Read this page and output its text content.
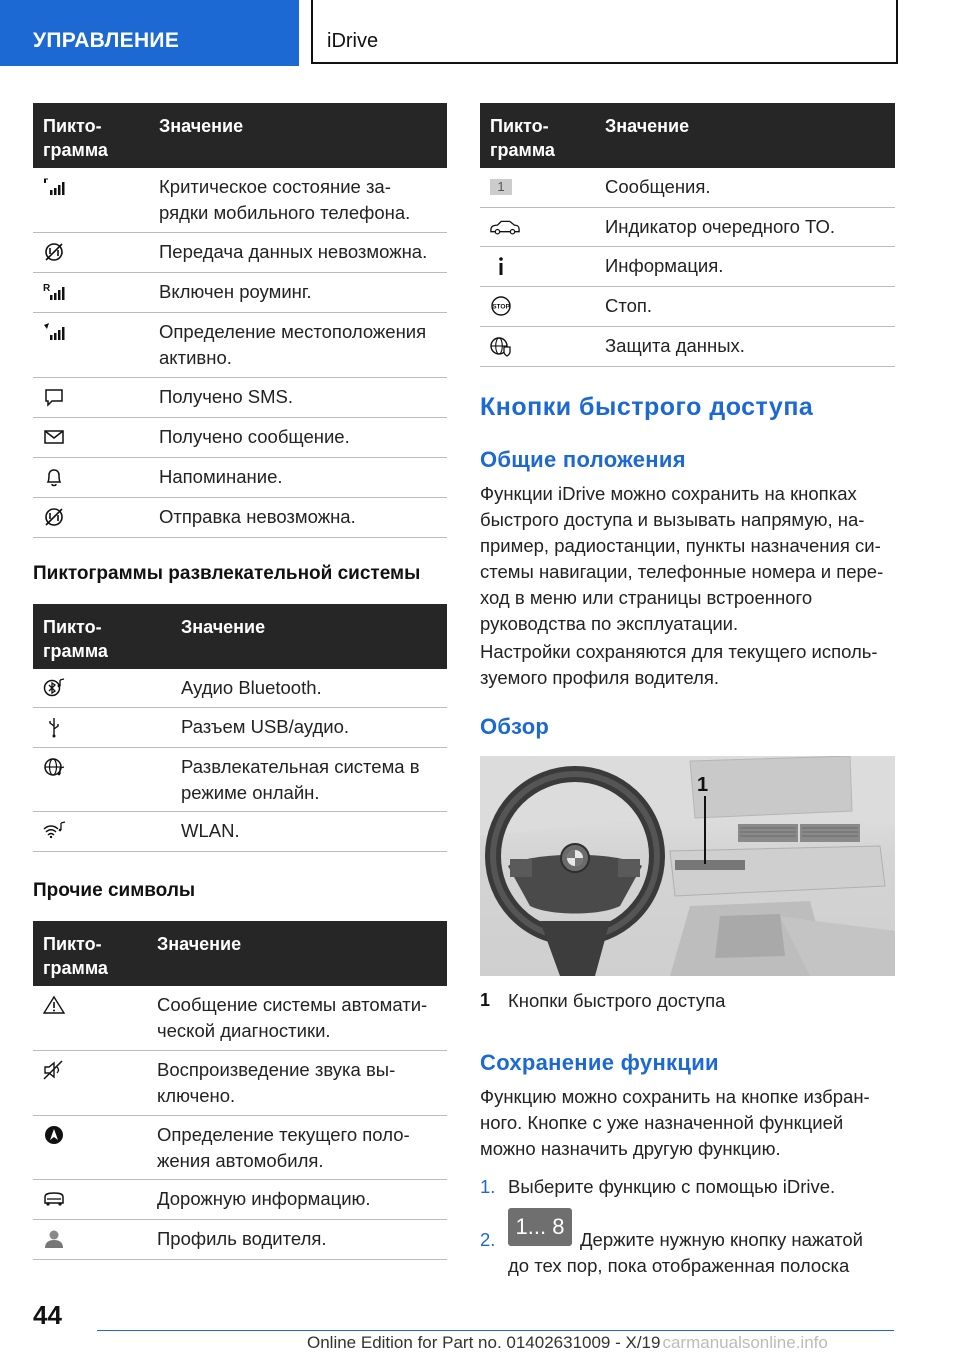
УПРАВЛЕНИЕ	iDrive
Пикто-
грамма
Значение
Критическое состояние за-
рядки мобильного телефона.
Передача данных невозможна.
R	Включен роуминг.
Определение местоположения
активно.
Получено SMS.
Получено сообщение.
Напоминание.
Отправка невозможна.
Пиктограммы развлекательной системы
Пикто-
грамма
Значение
Аудио Bluetooth.
Разъем USB/аудио.
Развлекательная система в
режиме онлайн.
WLAN.
Прочие символы
Пикто-
грамма
Значение
Сообщение системы автомати-
ческой диагностики.
Воспроизведение звука вы-
ключено.
Определение текущего поло-
жения автомобиля.
Дорожную информацию.
Профиль водителя.
Пикто-
грамма
Значение
1	Сообщения.
Индикатор очередного ТО.
Информация.
STOP	Стоп.
Защита данных.
Кнопки быстрого доступа
Общие положения
Функции iDrive можно сохранить на кнопках
быстрого доступа и вызывать напрямую, на-
пример, радиостанции, пункты назначения си-
стемы навигации, телефонные номера и пере-
ход в меню или страницы встроенного
руководства по эксплуатации.
Настройки сохраняются для текущего исполь-
зуемого профиля водителя.
Обзор
1
1 Кнопки быстрого доступа
Сохранение функции
Функцию можно сохранить на кнопке избран-
ного. Кнопке с уже назначенной функцией
можно назначить другую функцию.
1. Выберите функцию с помощью iDrive.
2.
1... 8
Держите нужную кнопку нажатой
до тех пор, пока отображенная полоска
44
Online Edition for Part no. 01402631009 - X/19 carmanualsonline.info
